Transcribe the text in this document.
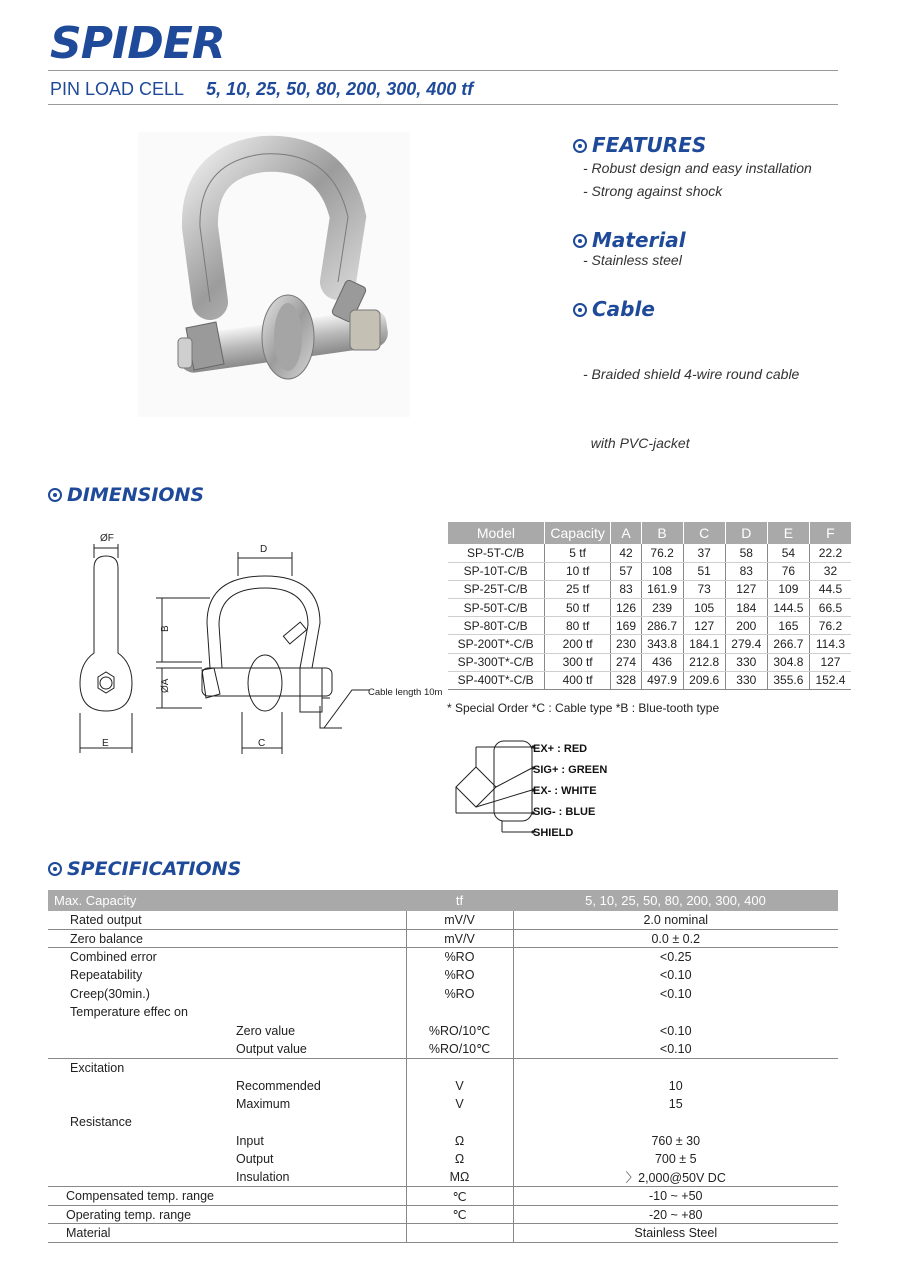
SPIDER
PIN LOAD CELL 5, 10, 25, 50, 80, 200, 300, 400 tf
FEATURES
- Robust design and easy installation
- Strong against shock
Material
- Stainless steel
Cable

- Braided shield 4-wire round cable

with PVC-jacket

DIMENSIONS
ØF
E
D
B
ØA
C
Cable length 10m
Model	Capacity	A	B	C	D	E	F
SP-5T-C/B	5 tf	42	76.2	37	58	54	22.2
SP-10T-C/B	10 tf	57	108	51	83	76	32
SP-25T-C/B	25 tf	83	161.9	73	127	109	44.5
SP-50T-C/B	50 tf	126	239	105	184	144.5	66.5
SP-80T-C/B	80 tf	169	286.7	127	200	165	76.2
SP-200T*-C/B	200 tf	230	343.8	184.1	279.4	266.7	114.3
SP-300T*-C/B	300 tf	274	436	212.8	330	304.8	127
SP-400T*-C/B	400 tf	328	497.9	209.6	330	355.6	152.4
* Special Order *C : Cable type *B : Blue-tooth type
EX+ : RED
SIG+ : GREEN
EX- : WHITE
SIG- : BLUE
SHIELD
SPECIFICATIONS
Max. Capacity	tf	5, 10, 25, 50, 80, 200, 300, 400
Rated output	mV/V	2.0 nominal
Zero balance	mV/V	0.0 ± 0.2
Combined error	%RO	<0.25
Repeatability	%RO	<0.10
Creep(30min.)	%RO	<0.10
Temperature effec on		
Zero value	%RO/10℃	<0.10
Output value	%RO/10℃	<0.10
Excitation		
Recommended	V	10
Maximum	V	15
Resistance		
Input	Ω	760 ± 30
Output	Ω	700 ± 5
Insulation	MΩ	〉2,000@50V DC
Compensated temp. range	℃	-10 ~ +50
Operating temp. range	℃	-20 ~ +80
Material		Stainless Steel
